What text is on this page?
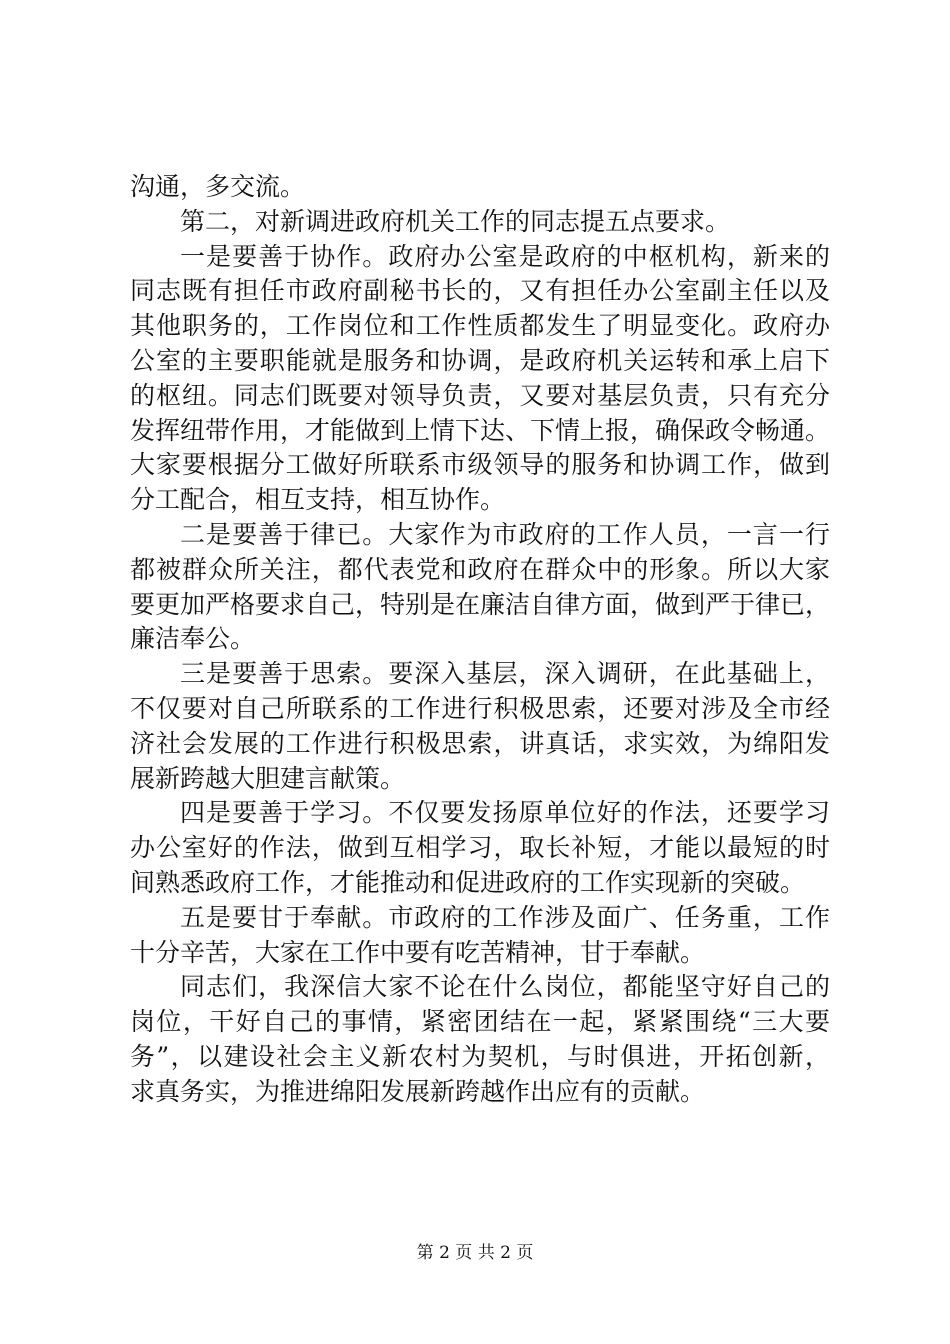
沟通，多交流。
第二，对新调进政府机关工作的同志提五点要求。
一是要善于协作。政府办公室是政府的中枢机构，新来的
同志既有担任市政府副秘书长的，又有担任办公室副主任以及
其他职务的，工作岗位和工作性质都发生了明显变化。政府办
公室的主要职能就是服务和协调，是政府机关运转和承上启下
的枢纽。同志们既要对领导负责，又要对基层负责，只有充分
发挥纽带作用，才能做到上情下达、下情上报，确保政令畅通。
大家要根据分工做好所联系市级领导的服务和协调工作，做到
分工配合，相互支持，相互协作。
二是要善于律已。大家作为市政府的工作人员，一言一行
都被群众所关注，都代表党和政府在群众中的形象。所以大家
要更加严格要求自己，特别是在廉洁自律方面，做到严于律已，
廉洁奉公。
三是要善于思索。要深入基层，深入调研，在此基础上，
不仅要对自己所联系的工作进行积极思索，还要对涉及全市经
济社会发展的工作进行积极思索，讲真话，求实效，为绵阳发
展新跨越大胆建言献策。
四是要善于学习。不仅要发扬原单位好的作法，还要学习
办公室好的作法，做到互相学习，取长补短，才能以最短的时
间熟悉政府工作，才能推动和促进政府的工作实现新的突破。
五是要甘于奉献。市政府的工作涉及面广、任务重，工作
十分辛苦，大家在工作中要有吃苦精神，甘于奉献。
同志们，我深信大家不论在什么岗位，都能坚守好自己的
岗位，干好自己的事情，紧密团结在一起，紧紧围绕“三大要
务”，以建设社会主义新农村为契机，与时俱进，开拓创新，
求真务实，为推进绵阳发展新跨越作出应有的贡献。
第 2 页 共 2 页
